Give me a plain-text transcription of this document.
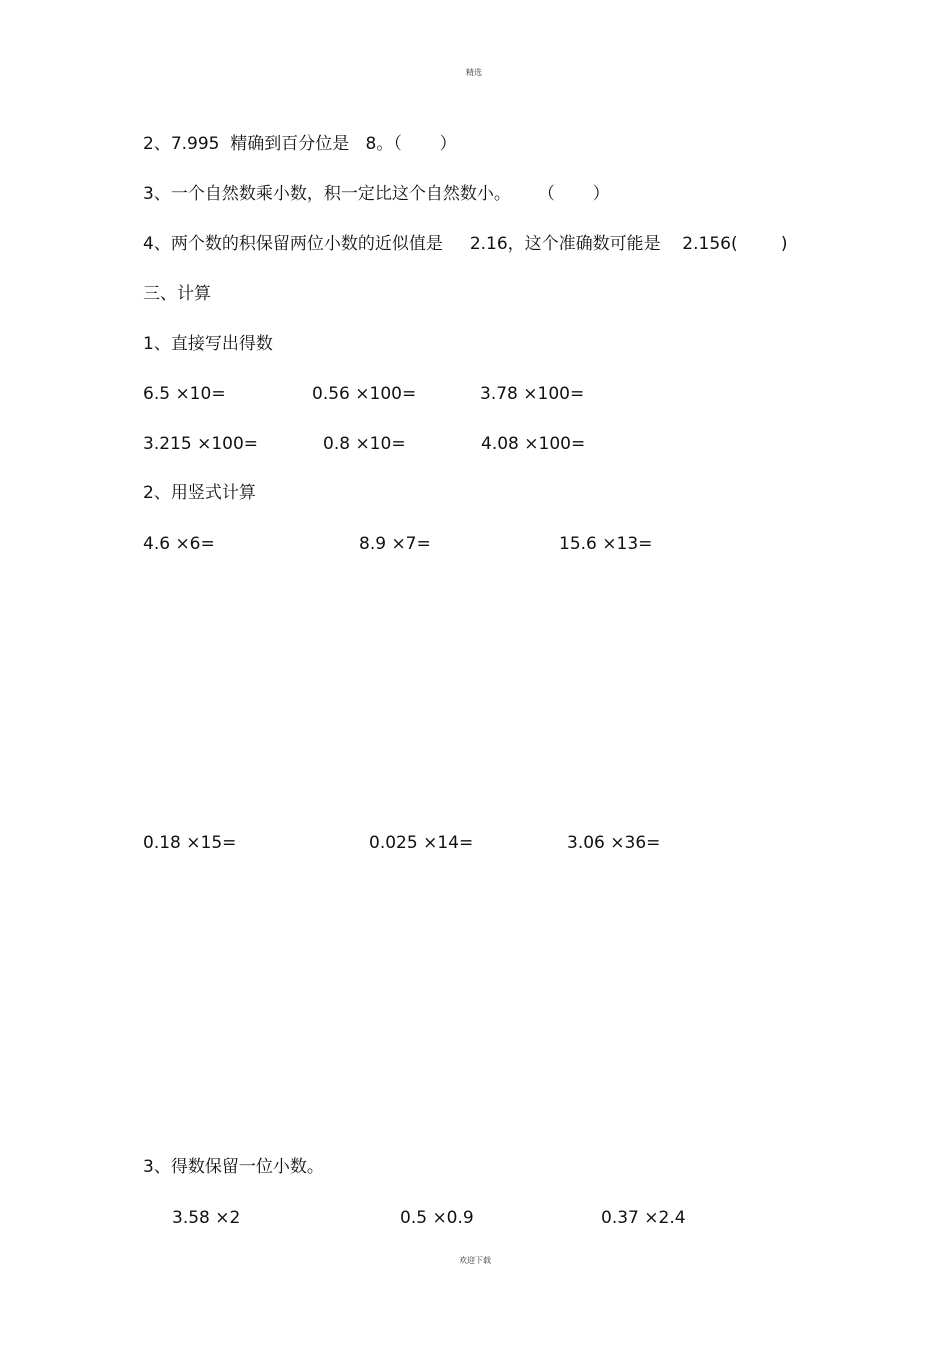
精选
2、7.995  精确到百分位是   8。（       ）
3、一个自然数乘小数，积一定比这个自然数小。     （       ）
4、两个数的积保留两位小数的近似值是     2.16，这个准确数可能是    2.156(        )
三、计算
1、直接写出得数
6.5 ×10=	0.56 ×100=	3.78 ×100=
3.215 ×100=	0.8 ×10=	4.08 ×100=
2、用竖式计算
4.6 ×6=	8.9 ×7=	15.6 ×13=
0.18 ×15=	0.025 ×14=	3.06 ×36=
3、得数保留一位小数。
3.58 ×2	0.5 ×0.9	0.37 ×2.4
欢迎下载
